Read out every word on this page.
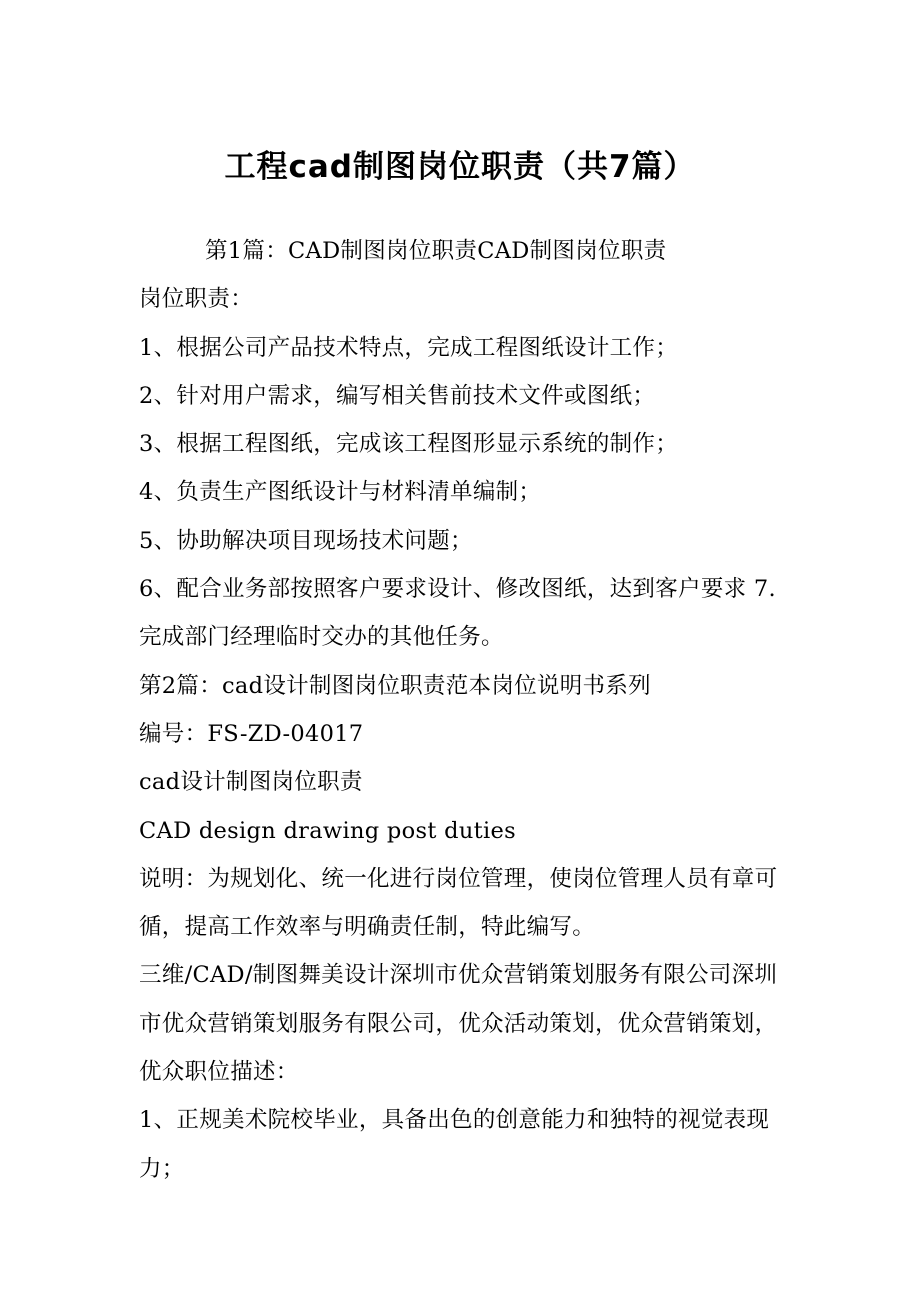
工程cad制图岗位职责（共7篇）

第1篇：CAD制图岗位职责CAD制图岗位职责

岗位职责：

1、根据公司产品技术特点，完成工程图纸设计工作；

2、针对用户需求，编写相关售前技术文件或图纸；

3、根据工程图纸，完成该工程图形显示系统的制作；

4、负责生产图纸设计与材料清单编制；

5、协助解决项目现场技术问题；

6、配合业务部按照客户要求设计、修改图纸，达到客户要求 7.完成部门经理临时交办的其他任务。

第2篇：cad设计制图岗位职责范本岗位说明书系列

编号：FS-ZD-04017

cad设计制图岗位职责

CAD design drawing post duties

说明：为规划化、统一化进行岗位管理，使岗位管理人员有章可循，提高工作效率与明确责任制，特此编写。

三维/CAD/制图舞美设计深圳市优众营销策划服务有限公司深圳市优众营销策划服务有限公司，优众活动策划，优众营销策划，优众职位描述：

1、正规美术院校毕业，具备出色的创意能力和独特的视觉表现力；
